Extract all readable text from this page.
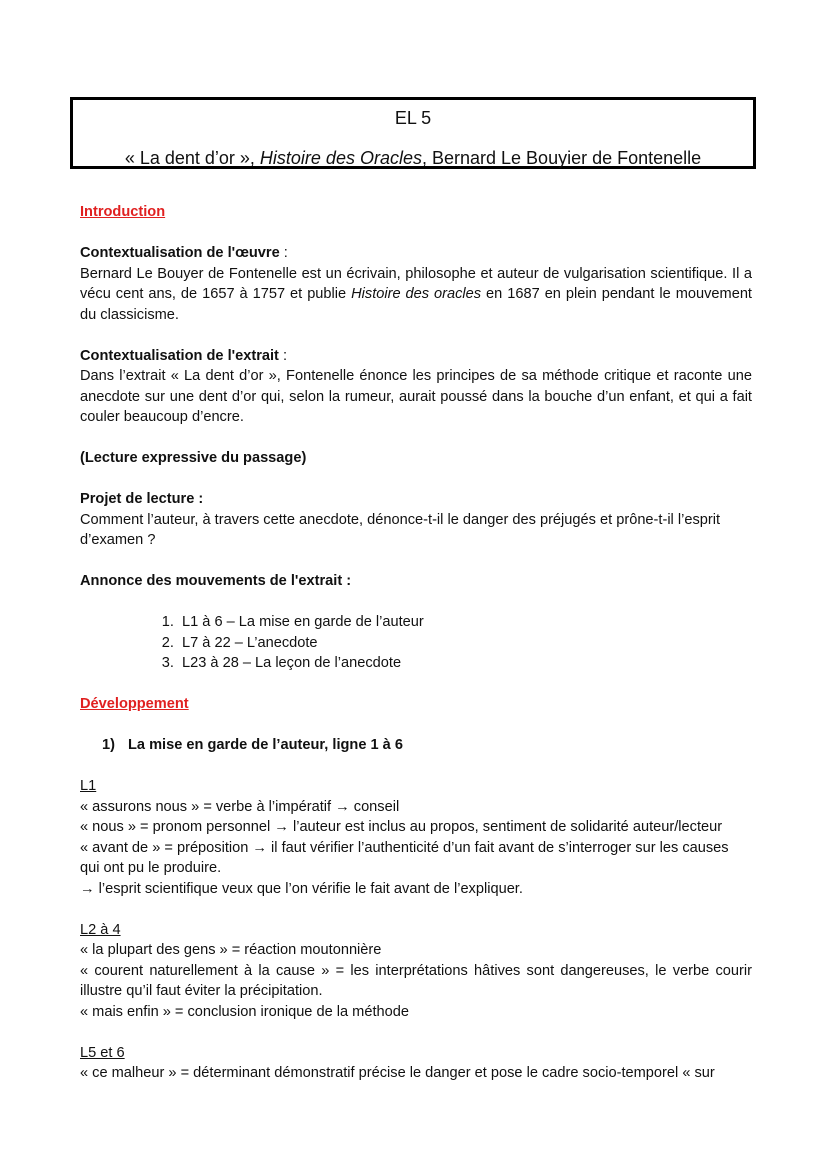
EL 5
« La dent d’or », Histoire des Oracles, Bernard Le Bouyier de Fontenelle

Introduction

Contextualisation de l'œuvre :

Bernard Le Bouyer de Fontenelle est un écrivain, philosophe et auteur de vulgarisation scientifique. Il a vécu cent ans, de 1657 à 1757 et publie Histoire des oracles en 1687 en plein pendant le mouvement du classicisme.

Contextualisation de l'extrait :

Dans l’extrait « La dent d’or », Fontenelle énonce les principes de sa méthode critique et raconte une anecdote sur une dent d’or qui, selon la rumeur, aurait poussé dans la bouche d’un enfant, et qui a fait couler beaucoup d’encre.

(Lecture expressive du passage)

Projet de lecture :

Comment l’auteur, à travers cette anecdote, dénonce-t-il le danger des préjugés et prône-t-il l’esprit d’examen ?

Annonce des mouvements de l'extrait :

1. L1 à 6 – La mise en garde de l’auteur
2. L7 à 22 – L’anecdote
3. L23 à 28 – La leçon de l’anecdote

Développement

1) La mise en garde de l’auteur, ligne 1 à 6

L1

« assurons nous » = verbe à l’impératif → conseil

« nous » = pronom personnel → l’auteur est inclus au propos, sentiment de solidarité auteur/lecteur

« avant de » = préposition → il faut vérifier l’authenticité d’un fait avant de s’interroger sur les causes qui ont pu le produire.

→ l’esprit scientifique veux que l’on vérifie le fait avant de l’expliquer.

L2 à 4

« la plupart des gens » = réaction moutonnière

« courent naturellement à la cause » = les interprétations hâtives sont dangereuses, le verbe courir illustre qu’il faut éviter la précipitation.

« mais enfin » = conclusion ironique de la méthode

L5 et 6

« ce malheur » = déterminant démonstratif précise le danger et pose le cadre socio-temporel « sur
